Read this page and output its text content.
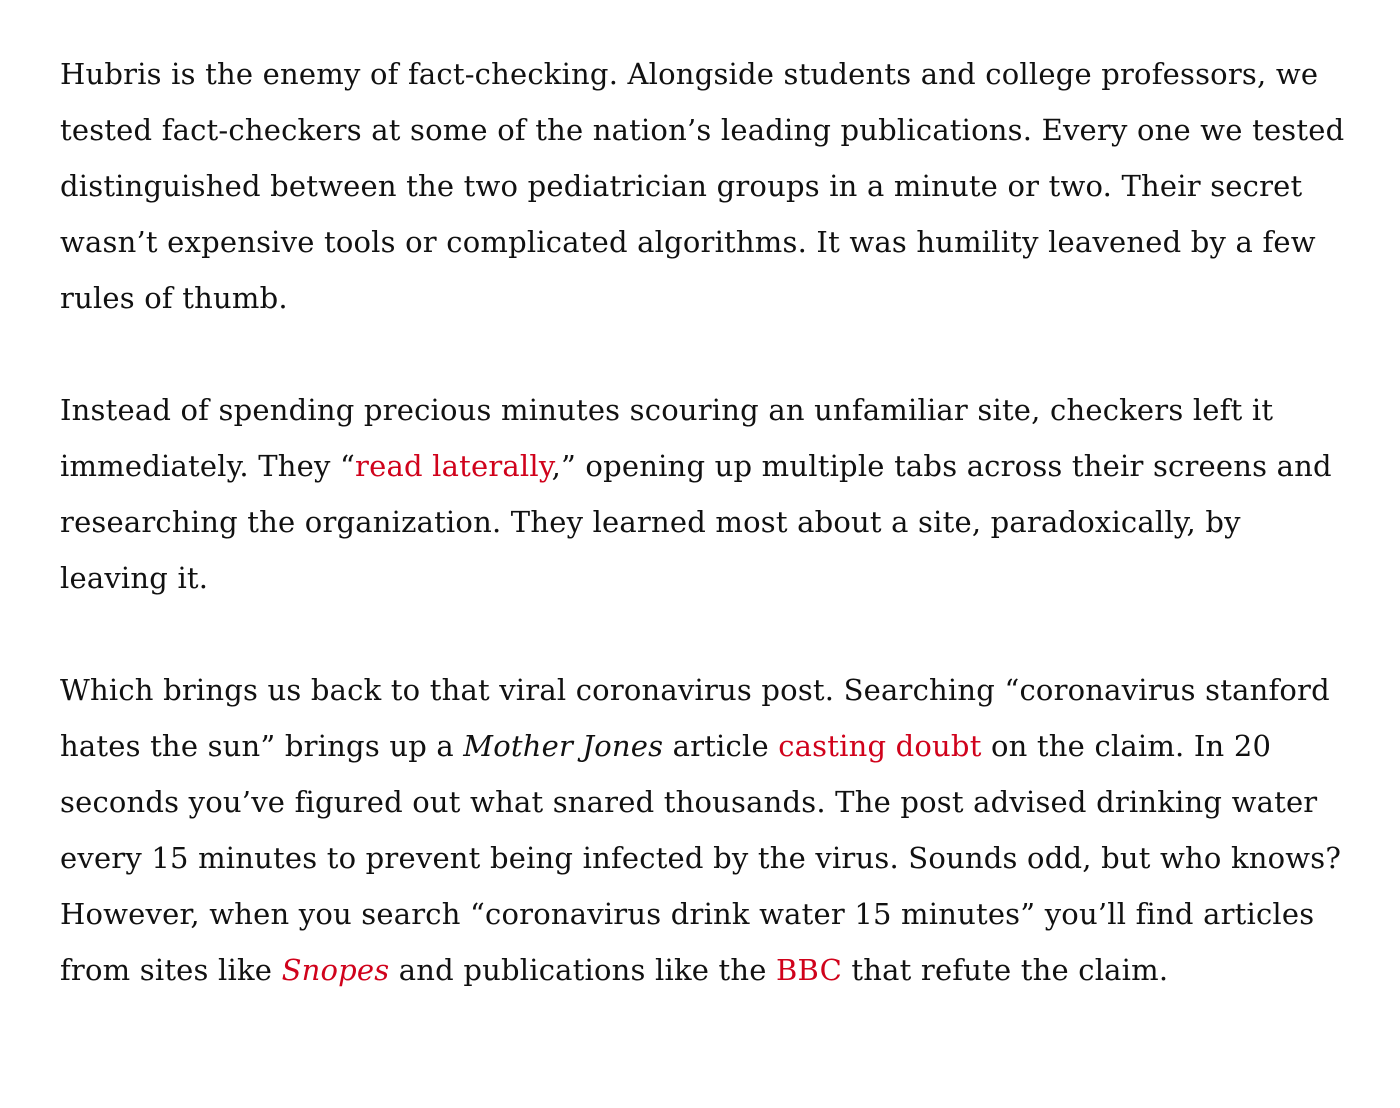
Hubris is the enemy of fact-checking. Alongside students and college professors, we tested fact-checkers at some of the nation’s leading publications. Every one we tested distinguished between the two pediatrician groups in a minute or two. Their secret wasn’t expensive tools or complicated algorithms. It was humility leavened by a few rules of thumb.

Instead of spending precious minutes scouring an unfamiliar site, checkers left it immediately. They “read laterally,” opening up multiple tabs across their screens and researching the organization. They learned most about a site, paradoxically, by leaving it.

Which brings us back to that viral coronavirus post. Searching “coronavirus stanford hates the sun” brings up a Mother Jones article casting doubt on the claim. In 20 seconds you’ve figured out what snared thousands. The post advised drinking water every 15 minutes to prevent being infected by the virus. Sounds odd, but who knows? However, when you search “coronavirus drink water 15 minutes” you’ll find articles from sites like Snopes and publications like the BBC that refute the claim.
